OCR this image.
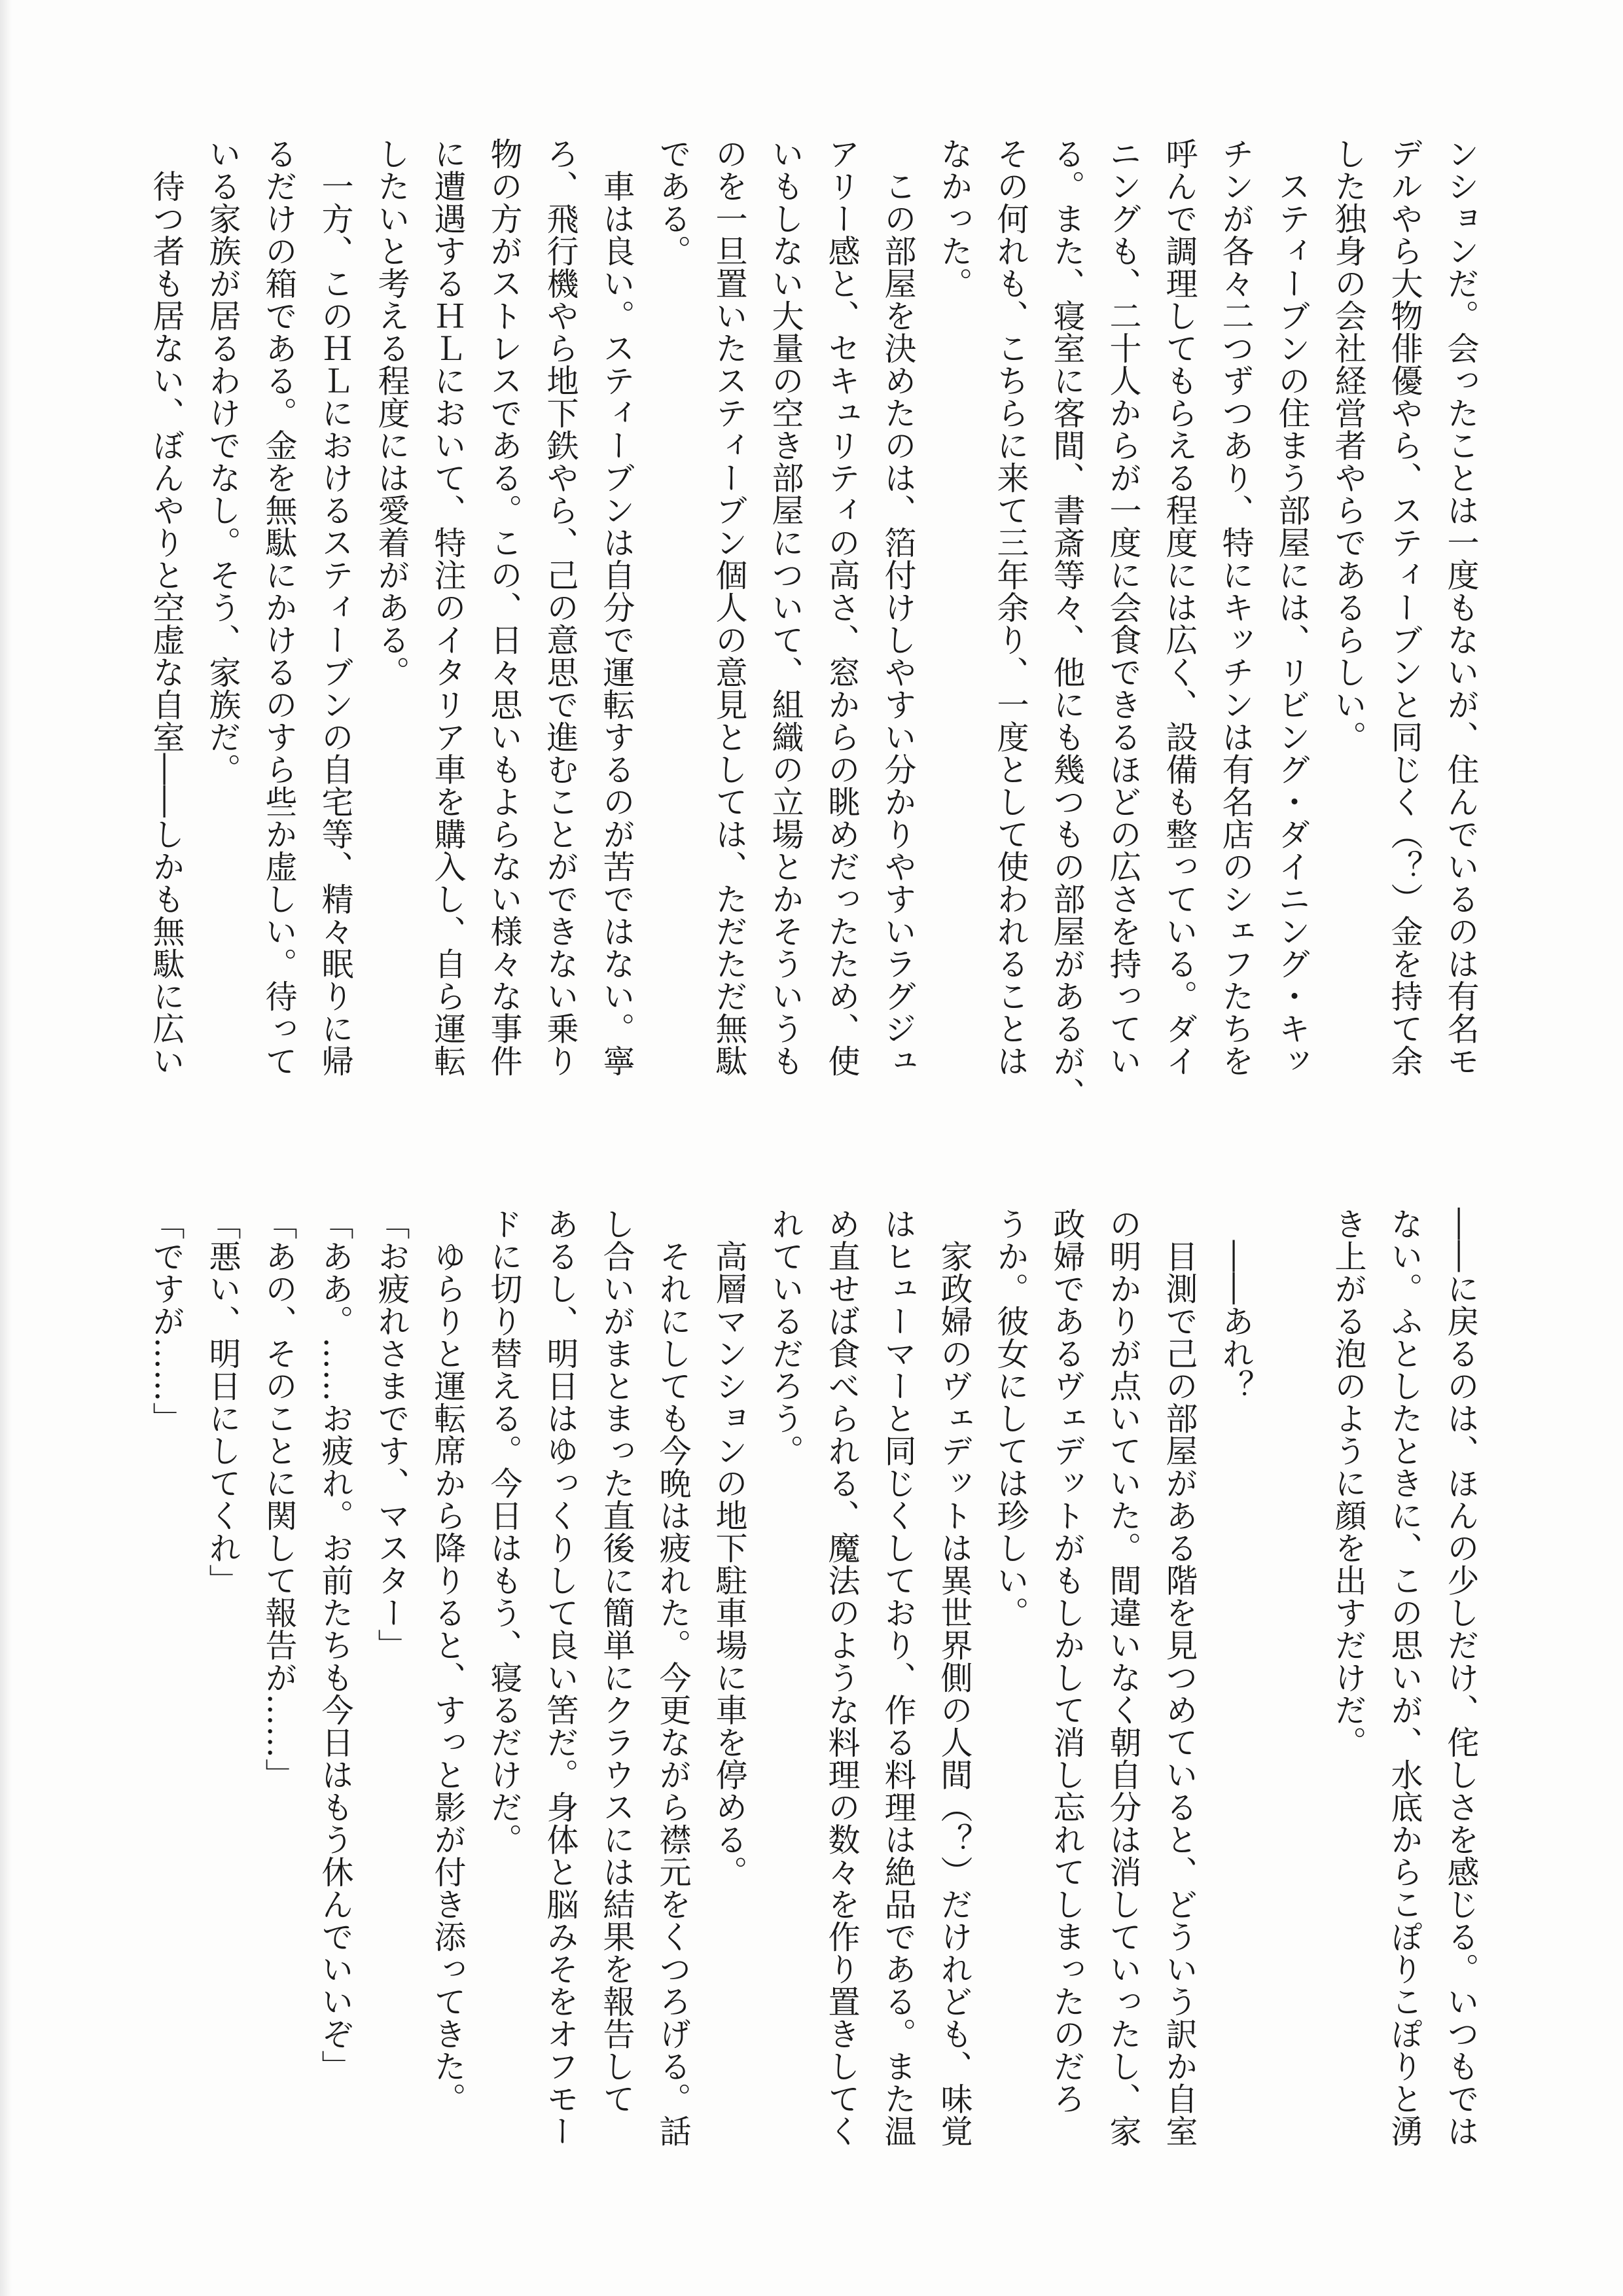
ンションだ。会ったことは一度もないが、住んでいるのは有名モ
デルやら大物俳優やら、スティーブンと同じく（？）金を持て余
した独身の会社経営者やらであるらしい。
　スティーブンの住まう部屋には、リビング・ダイニング・キッ
チンが各々二つずつあり、特にキッチンは有名店のシェフたちを
呼んで調理してもらえる程度には広く、設備も整っている。ダイ
ニングも、二十人からが一度に会食できるほどの広さを持ってい
る。また、寝室に客間、書斎等々、他にも幾つもの部屋があるが、
その何れも、こちらに来て三年余り、一度として使われることは
なかった。
　この部屋を決めたのは、箔付けしやすい分かりやすいラグジュ
アリー感と、セキュリティの高さ、窓からの眺めだったため、使
いもしない大量の空き部屋について、組織の立場とかそういうも
のを一旦置いたスティーブン個人の意見としては、ただただ無駄
である。
　車は良い。スティーブンは自分で運転するのが苦ではない。寧
ろ、飛行機やら地下鉄やら、己の意思で進むことができない乗り
物の方がストレスである。この、日々思いもよらない様々な事件
に遭遇するＨＬにおいて、特注のイタリア車を購入し、自ら運転
したいと考える程度には愛着がある。
　一方、このＨＬにおけるスティーブンの自宅等、精々眠りに帰
るだけの箱である。金を無駄にかけるのすら些か虚しい。待って
いる家族が居るわけでなし。そう、家族だ。
　待つ者も居ない、ぼんやりと空虚な自室――しかも無駄に広い
――に戻るのは、ほんの少しだけ、侘しさを感じる。いつもでは
ない。ふとしたときに、この思いが、水底からこぽりこぽりと湧
き上がる泡のように顔を出すだけだ。

　――あれ？
　目測で己の部屋がある階を見つめていると、どういう訳か自室
の明かりが点いていた。間違いなく朝自分は消していったし、家
政婦であるヴェデットがもしかして消し忘れてしまったのだろ
うか。彼女にしては珍しい。
　家政婦のヴェデットは異世界側の人間（？）だけれども、味覚
はヒューマーと同じくしており、作る料理は絶品である。また温
め直せば食べられる、魔法のような料理の数々を作り置きしてく
れているだろう。
　高層マンションの地下駐車場に車を停める。
　それにしても今晩は疲れた。今更ながら襟元をくつろげる。話
し合いがまとまった直後に簡単にクラウスには結果を報告して
あるし、明日はゆっくりして良い筈だ。身体と脳みそをオフモー
ドに切り替える。今日はもう、寝るだけだ。
　ゆらりと運転席から降りると、すっと影が付き添ってきた。
「お疲れさまです、マスター」
「ああ。……お疲れ。お前たちも今日はもう休んでいいぞ」
「あの、そのことに関して報告が……」
「悪い、明日にしてくれ」
「ですが……」
